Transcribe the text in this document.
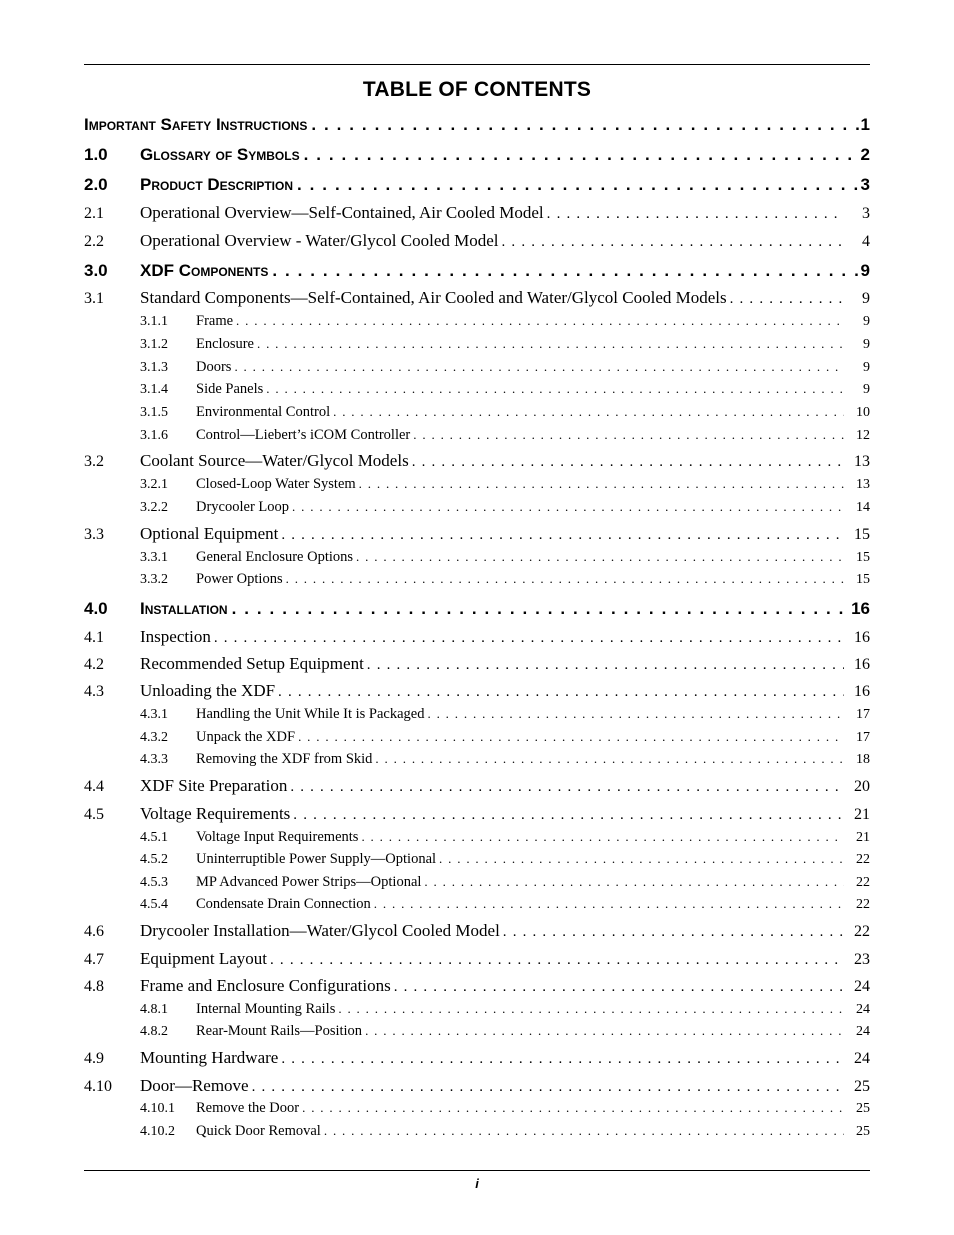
TABLE OF CONTENTS
Important Safety Instructions . . .	1
1.0	Glossary of Symbols . . .	2
2.0	Product Description . . .	3
2.1	Operational Overview—Self-Contained, Air Cooled Model . . .	3
2.2	Operational Overview - Water/Glycol Cooled Model . . .	4
3.0	XDF Components . . .	9
3.1	Standard Components—Self-Contained, Air Cooled and Water/Glycol Cooled Models . . .	9
3.1.1	Frame . . .	9
3.1.2	Enclosure . . .	9
3.1.3	Doors . . .	9
3.1.4	Side Panels . . .	9
3.1.5	Environmental Control . . .	10
3.1.6	Control—Liebert’s iCOM Controller . . .	12
3.2	Coolant Source—Water/Glycol Models . . .	13
3.2.1	Closed-Loop Water System . . .	13
3.2.2	Drycooler Loop . . .	14
3.3	Optional Equipment . . .	15
3.3.1	General Enclosure Options . . .	15
3.3.2	Power Options . . .	15
4.0	Installation . . .	16
4.1	Inspection . . .	16
4.2	Recommended Setup Equipment . . .	16
4.3	Unloading the XDF . . .	16
4.3.1	Handling the Unit While It is Packaged . . .	17
4.3.2	Unpack the XDF . . .	17
4.3.3	Removing the XDF from Skid . . .	18
4.4	XDF Site Preparation . . .	20
4.5	Voltage Requirements . . .	21
4.5.1	Voltage Input Requirements . . .	21
4.5.2	Uninterruptible Power Supply—Optional . . .	22
4.5.3	MP Advanced Power Strips—Optional . . .	22
4.5.4	Condensate Drain Connection . . .	22
4.6	Drycooler Installation—Water/Glycol Cooled Model . . .	22
4.7	Equipment Layout . . .	23
4.8	Frame and Enclosure Configurations . . .	24
4.8.1	Internal Mounting Rails . . .	24
4.8.2	Rear-Mount Rails—Position . . .	24
4.9	Mounting Hardware . . .	24
4.10	Door—Remove . . .	25
4.10.1	Remove the Door . . .	25
4.10.2	Quick Door Removal . . .	25
i
